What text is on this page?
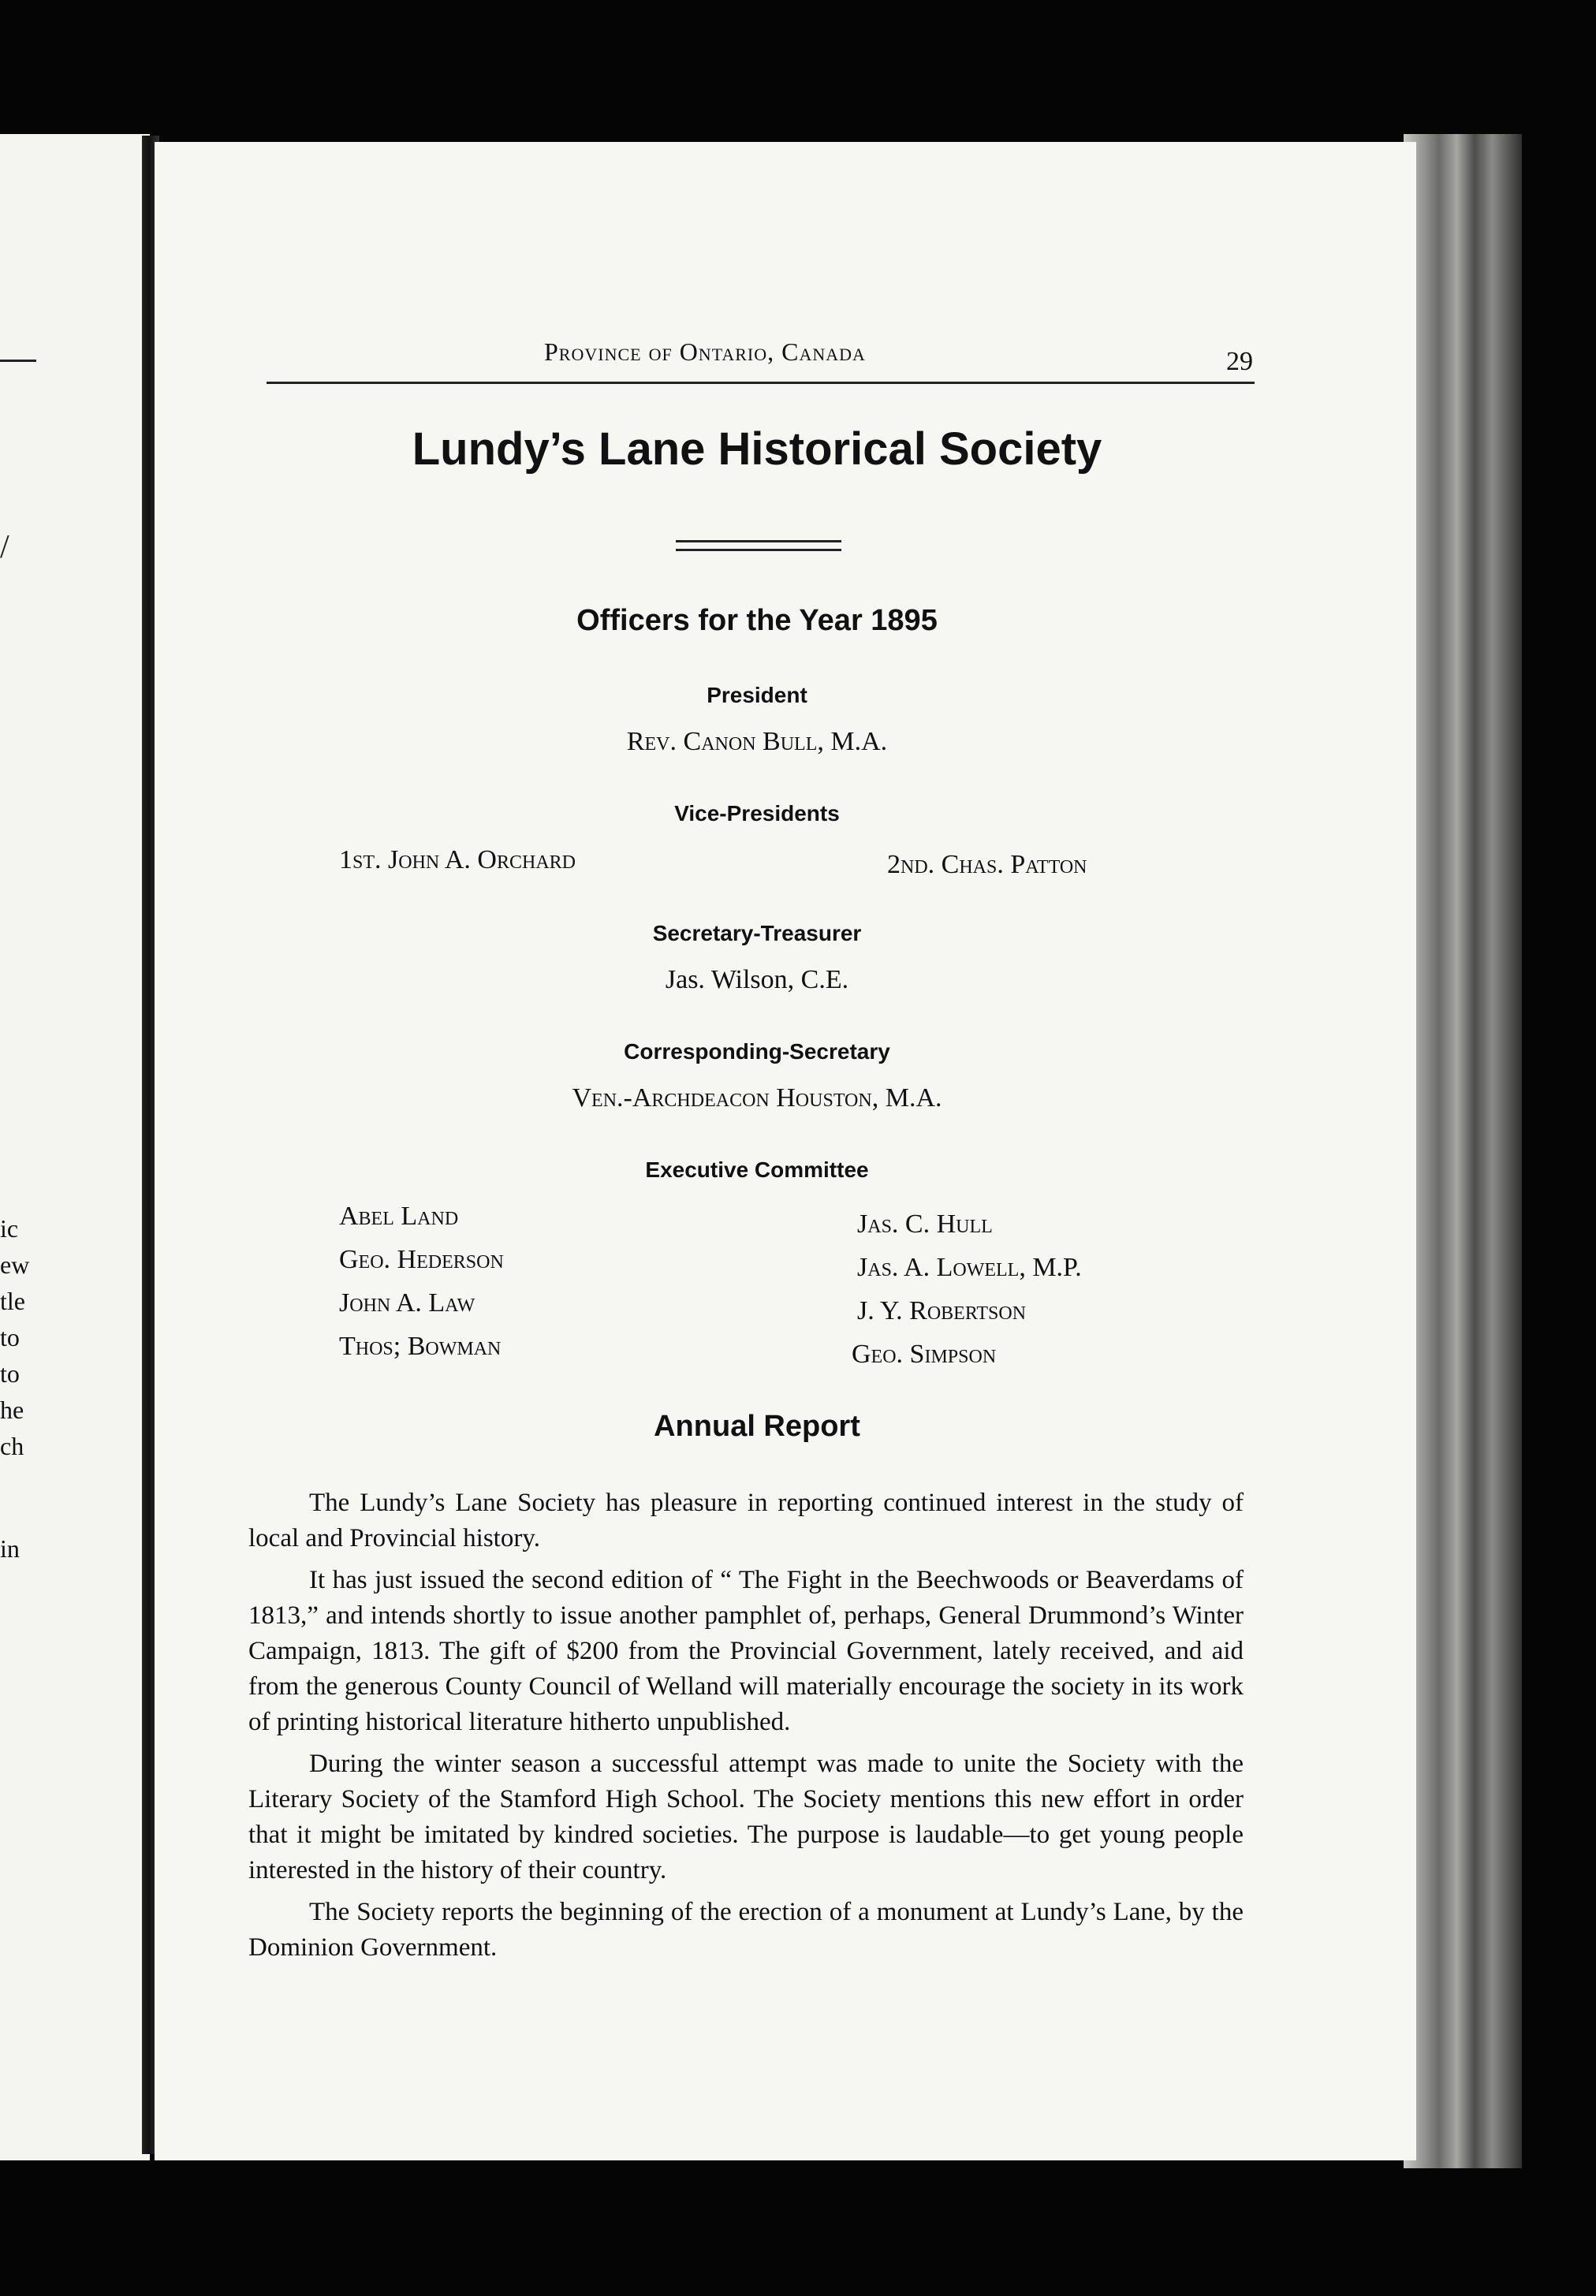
/
ic
ew
tle
to
to
he
ch
in

Province of Ontario, Canada	29

Lundy’s Lane Historical Society
Officers for the Year 1895

President

Rev. Canon Bull, M.A.

Vice-Presidents

1st. John A. Orchard	2nd. Chas. Patton

Secretary-Treasurer

Jas. Wilson, C.E.

Corresponding-Secretary

Ven.-Archdeacon Houston, M.A.

Executive Committee

Abel Land

Geo. Hederson

John A. Law

Thos; Bowman

Jas. C. Hull

Jas. A. Lowell, M.P.

J. Y. Robertson

Geo. Simpson

Annual Report

The Lundy’s Lane Society has pleasure in reporting continued interest in the study of local and Provincial history.

It has just issued the second edition of “ The Fight in the Beechwoods or Beaverdams of 1813,” and intends shortly to issue another pamphlet of, perhaps, General Drummond’s Winter Campaign, 1813. The gift of $200 from the Provincial Government, lately received, and aid from the generous County Council of Welland will materially encourage the society in its work of printing historical literature hitherto unpublished.

During the winter season a successful attempt was made to unite the Society with the Literary Society of the Stamford High School. The Society mentions this new effort in order that it might be imitated by kindred societies. The purpose is laudable—to get young people interested in the history of their country.

The Society reports the beginning of the erection of a monument at Lundy’s Lane, by the Dominion Government.
